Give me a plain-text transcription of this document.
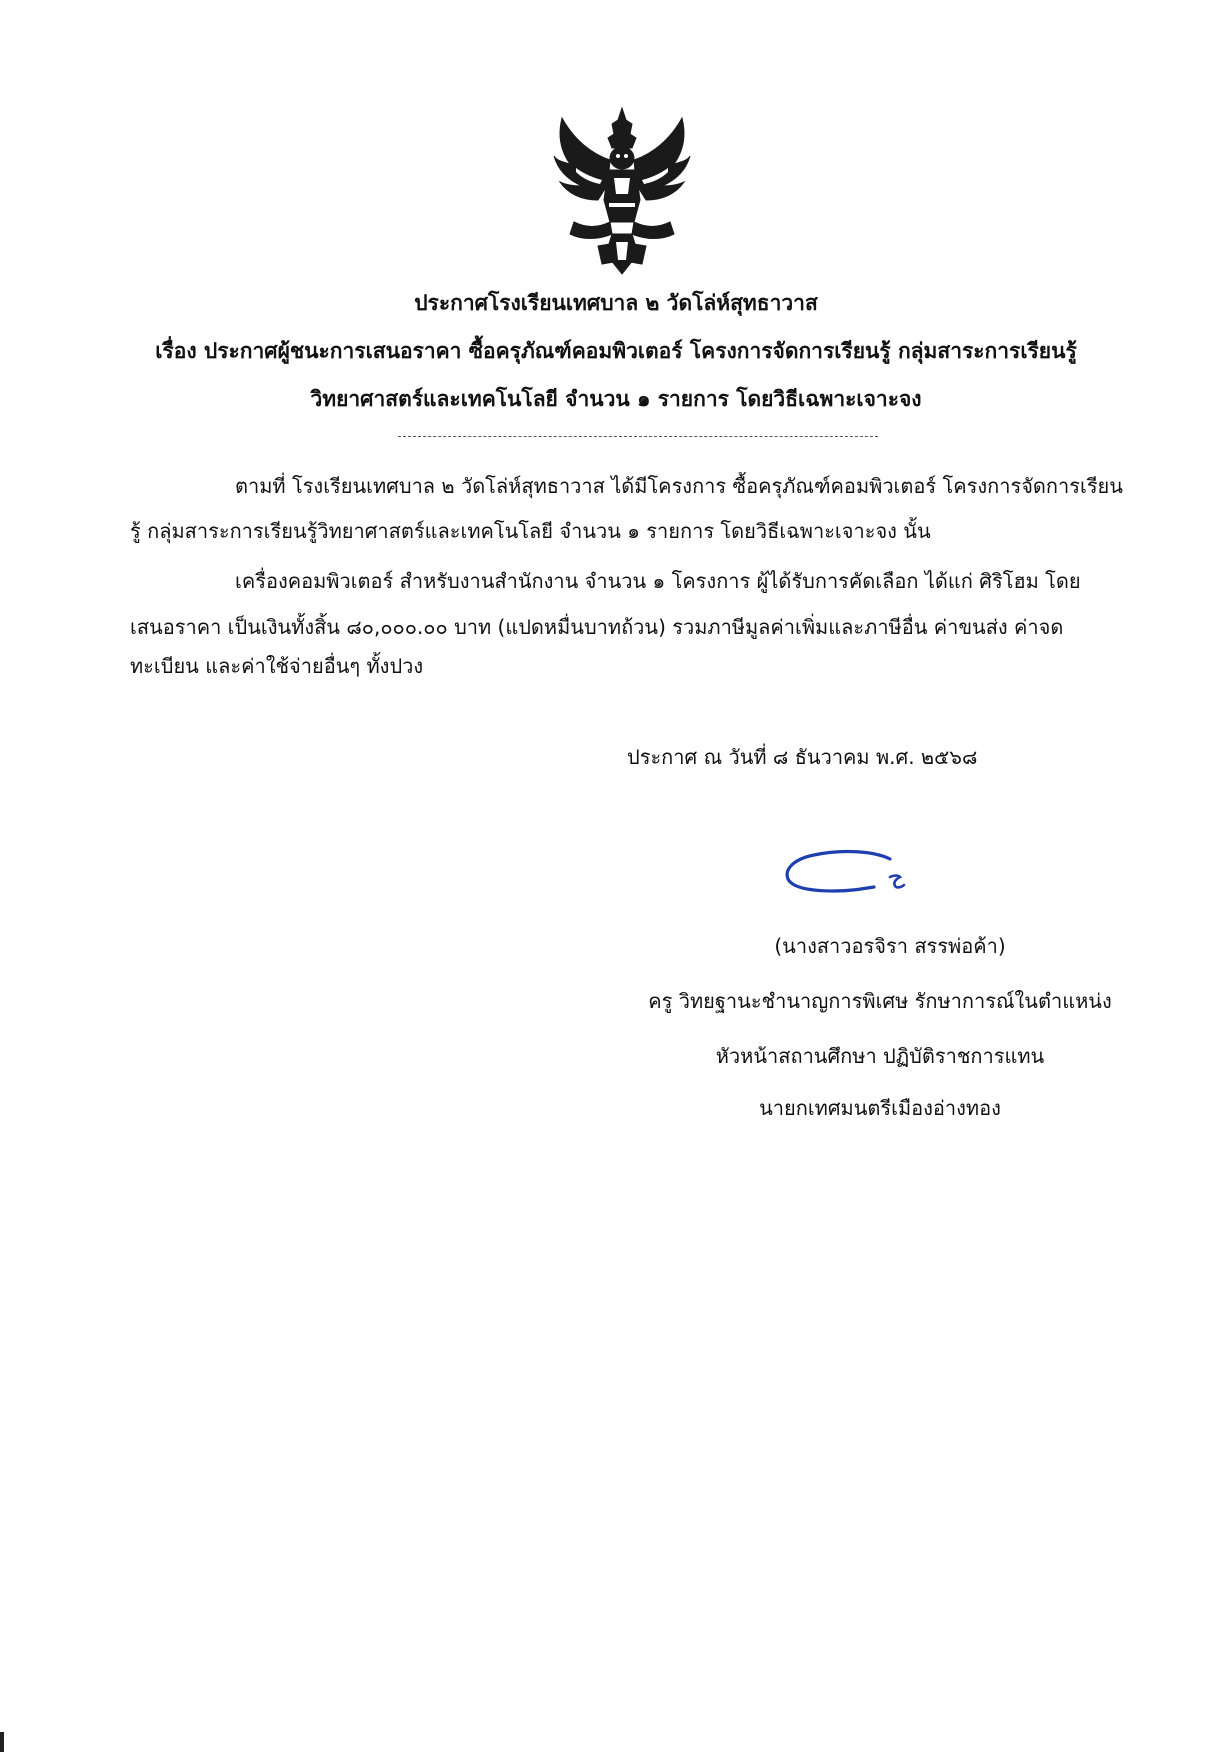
ประกาศโรงเรียนเทศบาล ๒ วัดโล่ห์สุทธาวาส
เรื่อง ประกาศผู้ชนะการเสนอราคา ซื้อครุภัณฑ์คอมพิวเตอร์ โครงการจัดการเรียนรู้ กลุ่มสาระการเรียนรู้
วิทยาศาสตร์และเทคโนโลยี จำนวน ๑ รายการ โดยวิธีเฉพาะเจาะจง
ตามที่ โรงเรียนเทศบาล ๒ วัดโล่ห์สุทธาวาส ได้มีโครงการ ซื้อครุภัณฑ์คอมพิวเตอร์ โครงการจัดการเรียน
รู้ กลุ่มสาระการเรียนรู้วิทยาศาสตร์และเทคโนโลยี จำนวน ๑ รายการ โดยวิธีเฉพาะเจาะจง นั้น
เครื่องคอมพิวเตอร์ สำหรับงานสำนักงาน จำนวน ๑ โครงการ ผู้ได้รับการคัดเลือก ได้แก่ ศิริโฮม โดย
เสนอราคา เป็นเงินทั้งสิ้น ๘๐,๐๐๐.๐๐ บาท (แปดหมื่นบาทถ้วน) รวมภาษีมูลค่าเพิ่มและภาษีอื่น ค่าขนส่ง ค่าจด
ทะเบียน และค่าใช้จ่ายอื่นๆ ทั้งปวง
ประกาศ ณ วันที่ ๘ ธันวาคม พ.ศ. ๒๕๖๘
(นางสาวอรจิรา สรรพ่อค้า)
ครู วิทยฐานะชำนาญการพิเศษ รักษาการณ์ในตำแหน่ง
หัวหน้าสถานศึกษา ปฏิบัติราชการแทน
นายกเทศมนตรีเมืองอ่างทอง
